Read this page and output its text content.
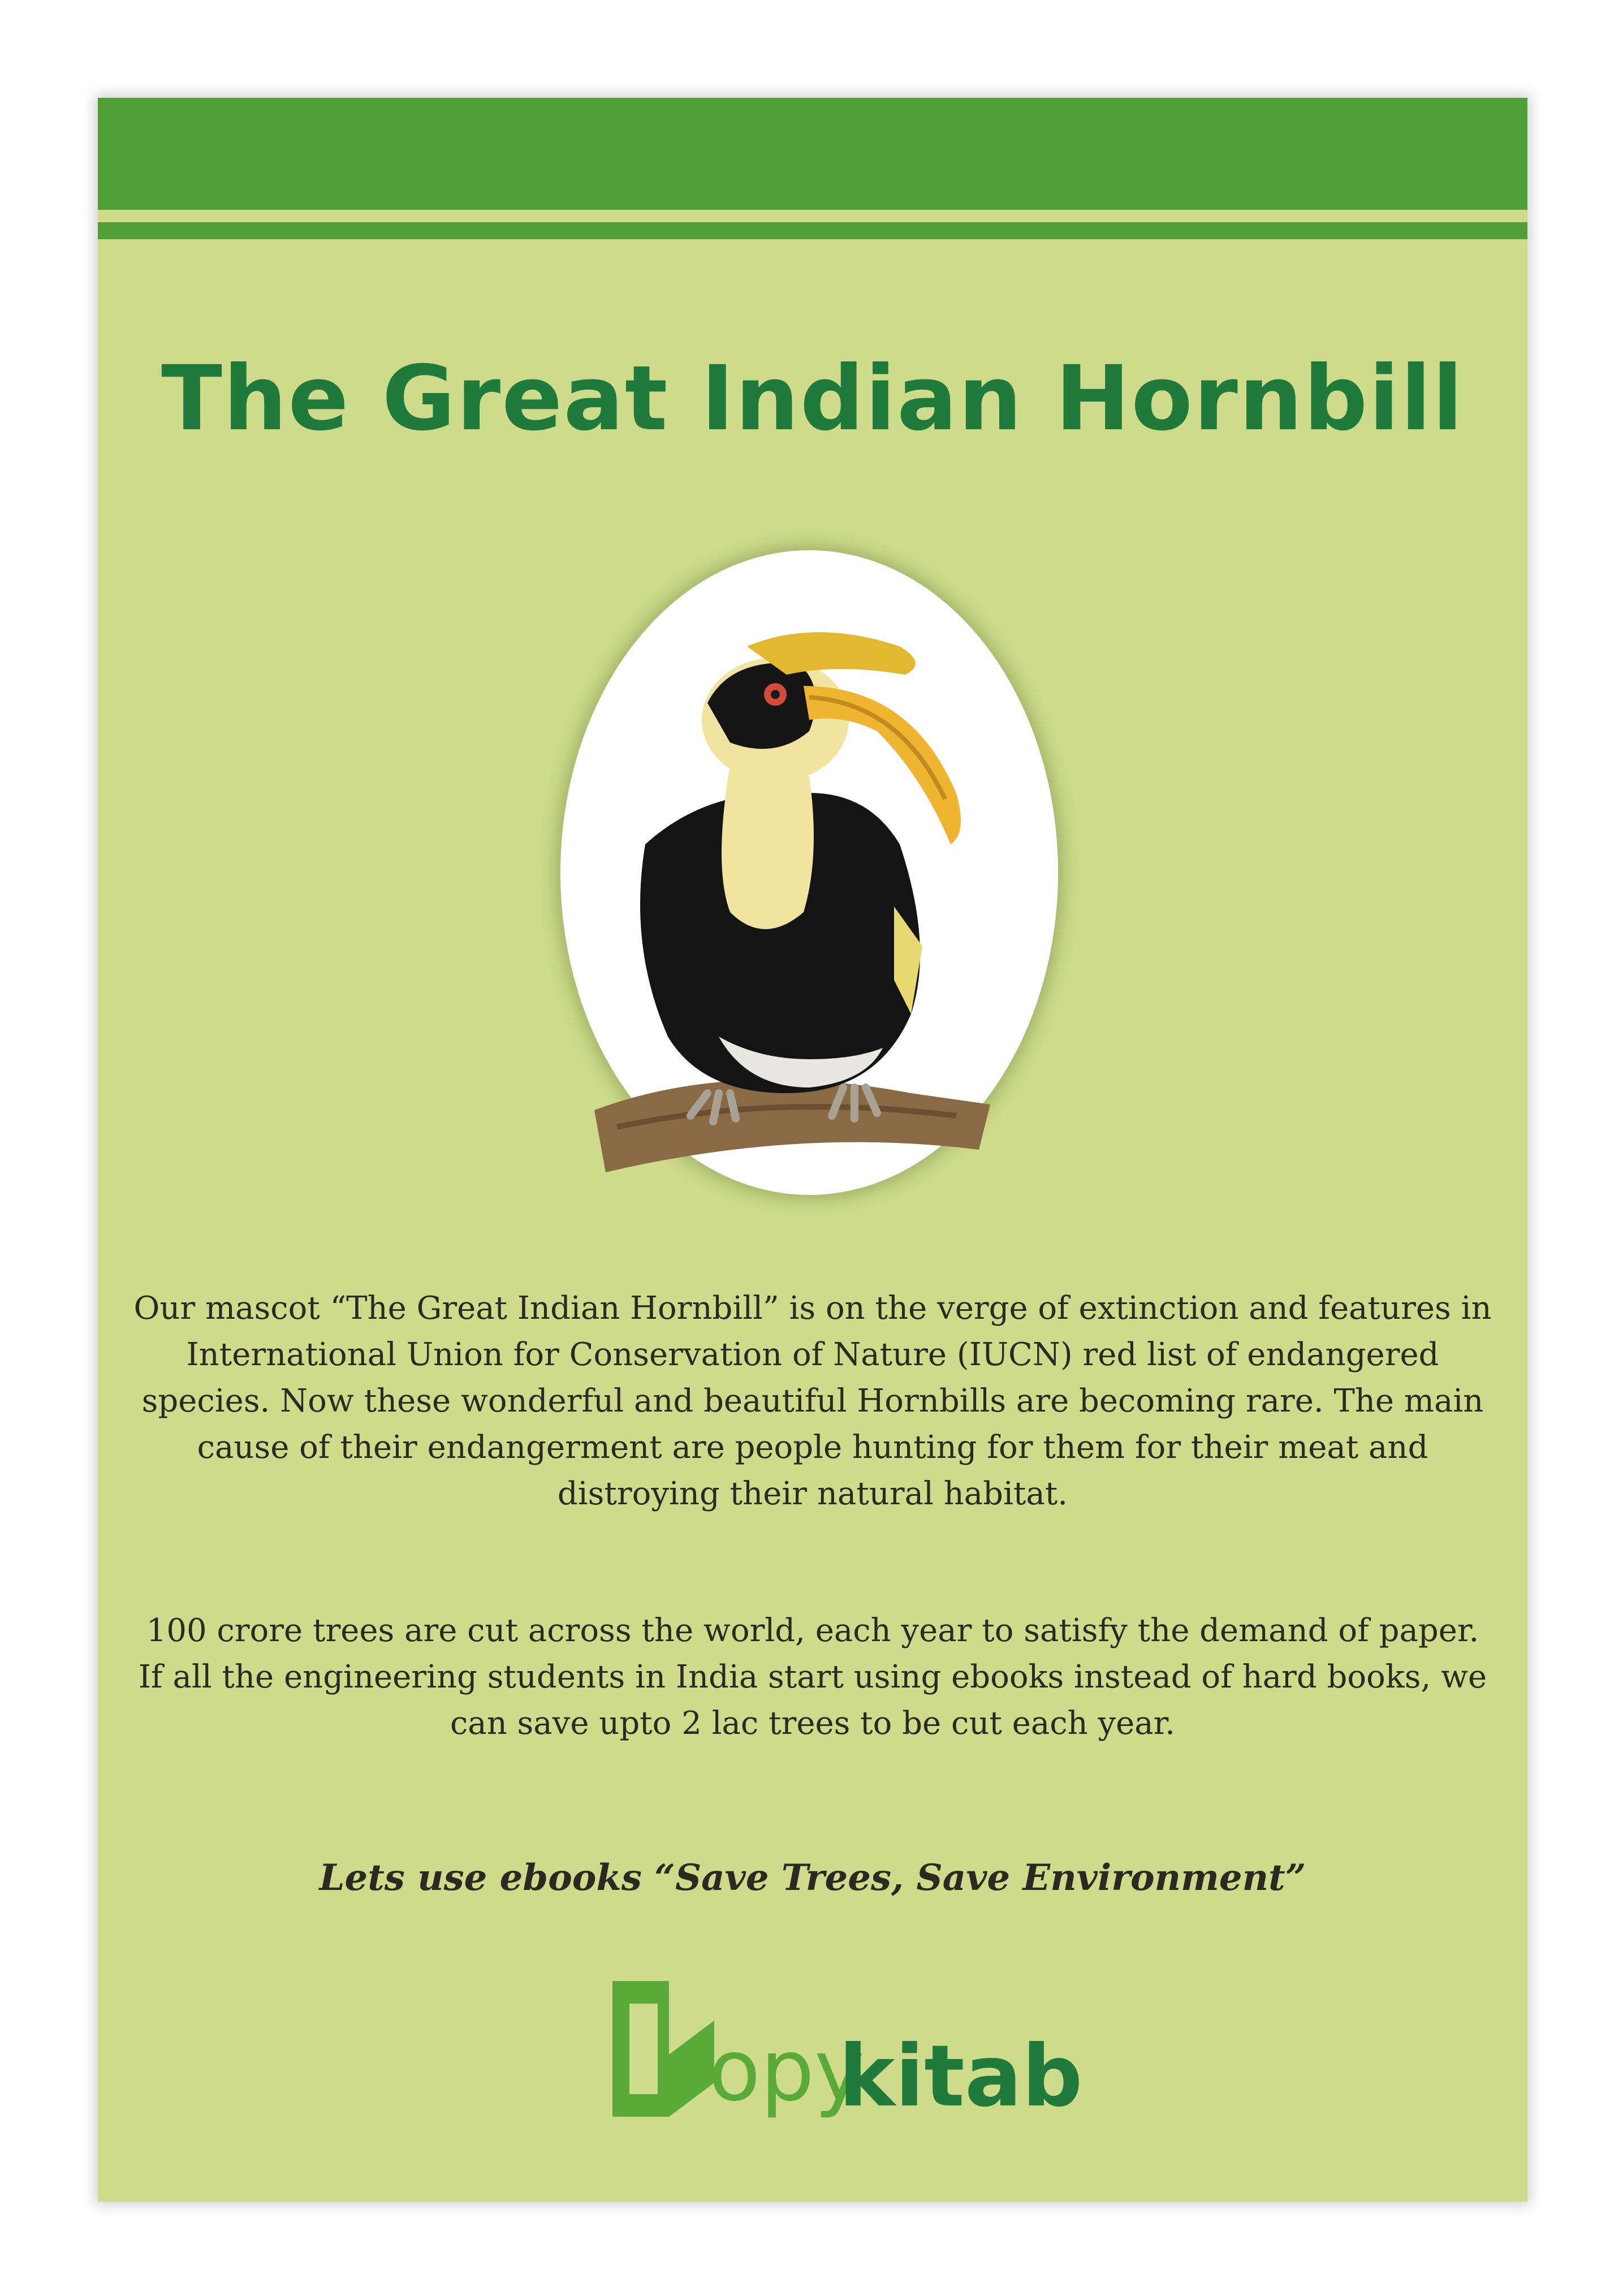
The Great Indian Hornbill
Our mascot “The Great Indian Hornbill” is on the verge of extinction and features in International Union for Conservation of Nature (IUCN) red list of endangered species. Now these wonderful and beautiful Hornbills are becoming rare. The main cause of their endangerment are people hunting for them for their meat and distroying their natural habitat.
100 crore trees are cut across the world, each year to satisfy the demand of paper. If all the engineering students in India start using ebooks instead of hard books, we can save upto 2 lac trees to be cut each year.
Lets use ebooks “Save Trees, Save Environment”
opy
kitab
